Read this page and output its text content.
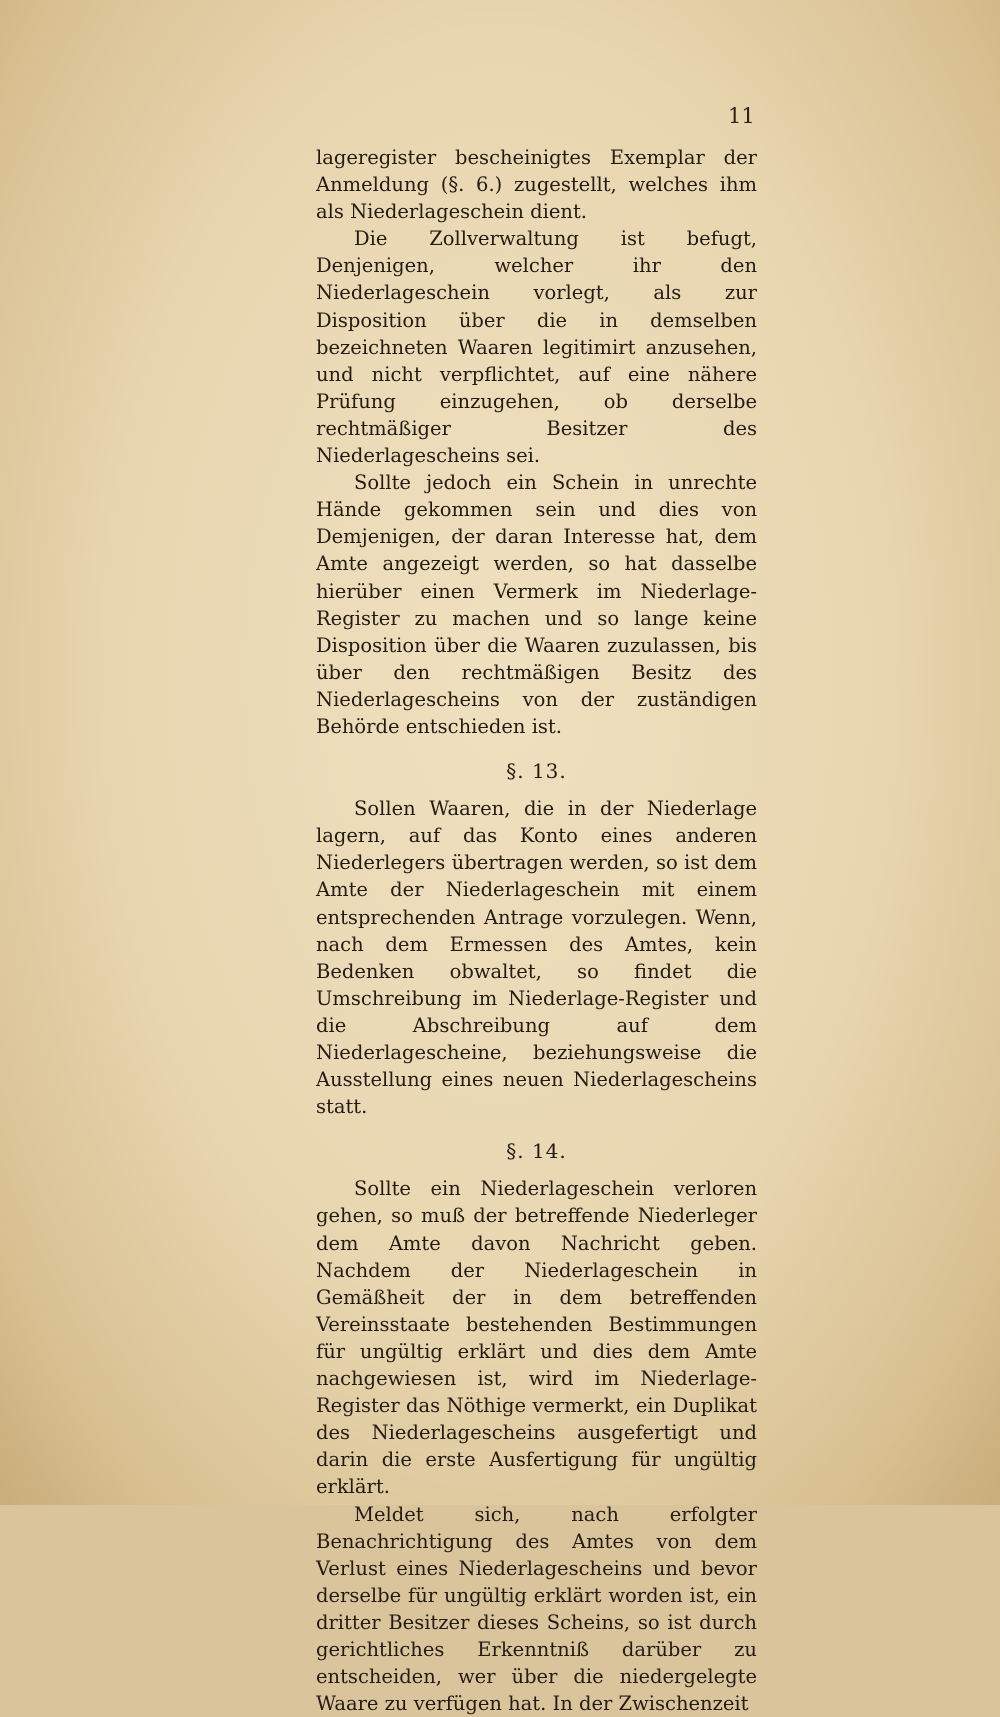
11

lageregister bescheinigtes Exemplar der Anmeldung (§. 6.) zugestellt, welches ihm als Niederlageschein dient.

Die Zollverwaltung ist befugt, Denjenigen, welcher ihr den Niederlageschein vorlegt, als zur Disposition über die in demselben bezeichneten Waaren legitimirt anzusehen, und nicht verpflichtet, auf eine nähere Prüfung einzugehen, ob derselbe rechtmäßiger Besitzer des Niederlagescheins sei.

Sollte jedoch ein Schein in unrechte Hände gekommen sein und dies von Demjenigen, der daran Interesse hat, dem Amte angezeigt werden, so hat dasselbe hierüber einen Vermerk im Niederlage-Register zu machen und so lange keine Disposition über die Waaren zuzulassen, bis über den rechtmäßigen Besitz des Niederlagescheins von der zuständigen Behörde entschieden ist.

§. 13.

Sollen Waaren, die in der Niederlage lagern, auf das Konto eines anderen Niederlegers übertragen werden, so ist dem Amte der Niederlageschein mit einem entsprechenden Antrage vorzulegen. Wenn, nach dem Ermessen des Amtes, kein Bedenken obwaltet, so findet die Umschreibung im Niederlage-Register und die Abschreibung auf dem Niederlagescheine, beziehungsweise die Ausstellung eines neuen Niederlagescheins statt.

§. 14.

Sollte ein Niederlageschein verloren gehen, so muß der betreffende Niederleger dem Amte davon Nachricht geben. Nachdem der Niederlageschein in Gemäßheit der in dem betreffenden Vereinsstaate bestehenden Bestimmungen für ungültig erklärt und dies dem Amte nachgewiesen ist, wird im Niederlage-Register das Nöthige vermerkt, ein Duplikat des Niederlagescheins ausgefertigt und darin die erste Ausfertigung für ungültig erklärt.

Meldet sich, nach erfolgter Benachrichtigung des Amtes von dem Verlust eines Niederlagescheins und bevor derselbe für ungültig erklärt worden ist, ein dritter Besitzer dieses Scheins, so ist durch gerichtliches Erkenntniß darüber zu entscheiden, wer über die niedergelegte Waare zu verfügen hat. In der Zwischenzeit
